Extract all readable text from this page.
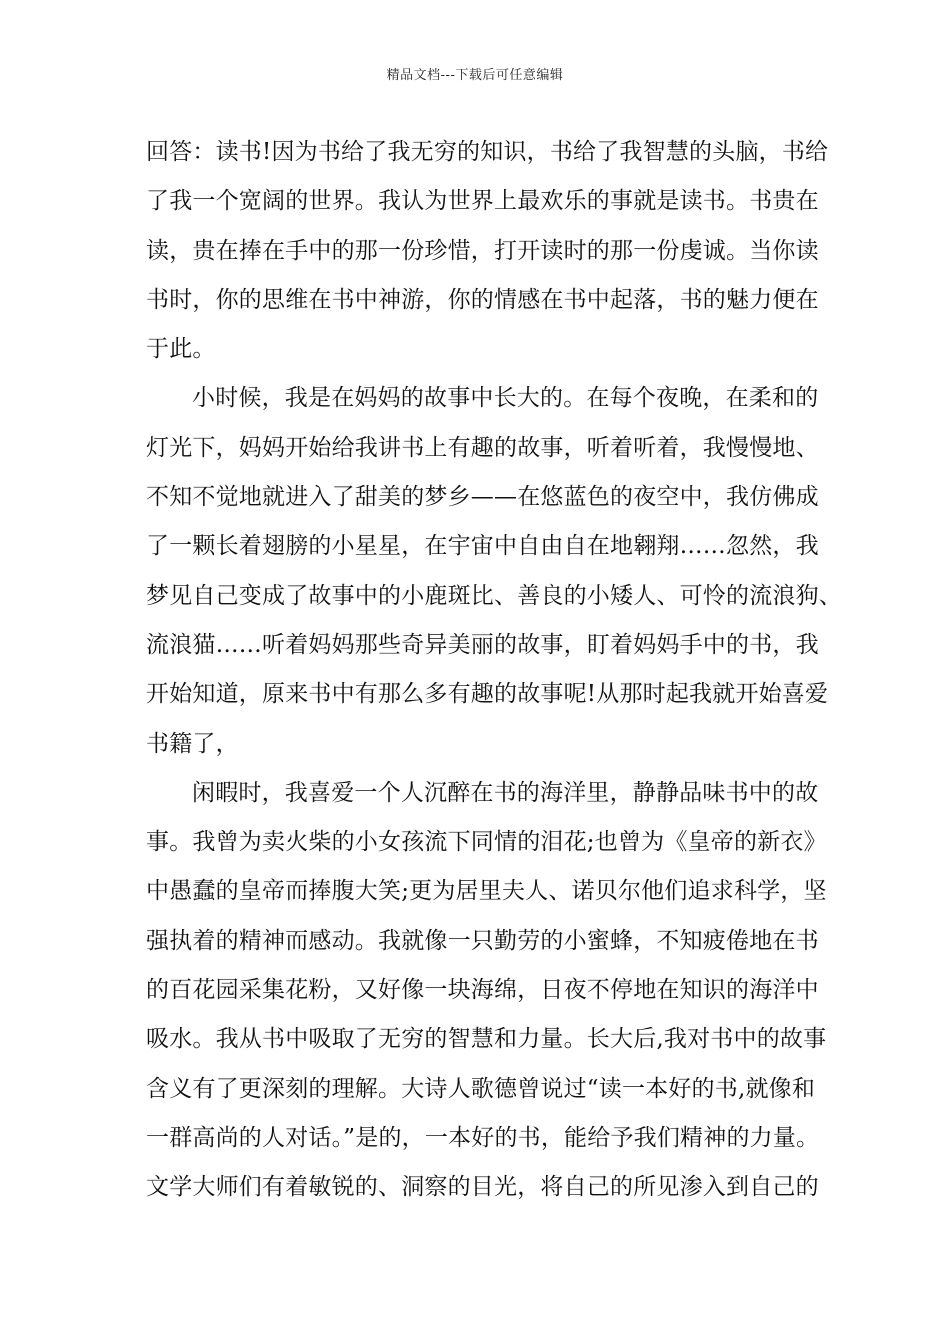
精品文档---下载后可任意编辑
回答：读书!因为书给了我无穷的知识，书给了我智慧的头脑，书给
了我一个宽阔的世界。我认为世界上最欢乐的事就是读书。书贵在
读，贵在捧在手中的那一份珍惜，打开读时的那一份虔诚。当你读
书时，你的思维在书中神游，你的情感在书中起落，书的魅力便在
于此。
小时候，我是在妈妈的故事中长大的。在每个夜晚，在柔和的
灯光下，妈妈开始给我讲书上有趣的故事，听着听着，我慢慢地、
不知不觉地就进入了甜美的梦乡——在悠蓝色的夜空中，我仿佛成
了一颗长着翅膀的小星星，在宇宙中自由自在地翱翔……忽然，我
梦见自己变成了故事中的小鹿斑比、善良的小矮人、可怜的流浪狗、
流浪猫……听着妈妈那些奇异美丽的故事，盯着妈妈手中的书，我
开始知道，原来书中有那么多有趣的故事呢!从那时起我就开始喜爱
书籍了，
闲暇时，我喜爱一个人沉醉在书的海洋里，静静品味书中的故
事。我曾为卖火柴的小女孩流下同情的泪花;也曾为《皇帝的新衣》
中愚蠢的皇帝而捧腹大笑;更为居里夫人、诺贝尔他们追求科学，坚
强执着的精神而感动。我就像一只勤劳的小蜜蜂，不知疲倦地在书
的百花园采集花粉，又好像一块海绵，日夜不停地在知识的海洋中
吸水。我从书中吸取了无穷的智慧和力量。长大后,我对书中的故事
含义有了更深刻的理解。大诗人歌德曾说过“读一本好的书,就像和
一群高尚的人对话。”是的，一本好的书，能给予我们精神的力量。
文学大师们有着敏锐的、洞察的目光，将自己的所见渗入到自己的
